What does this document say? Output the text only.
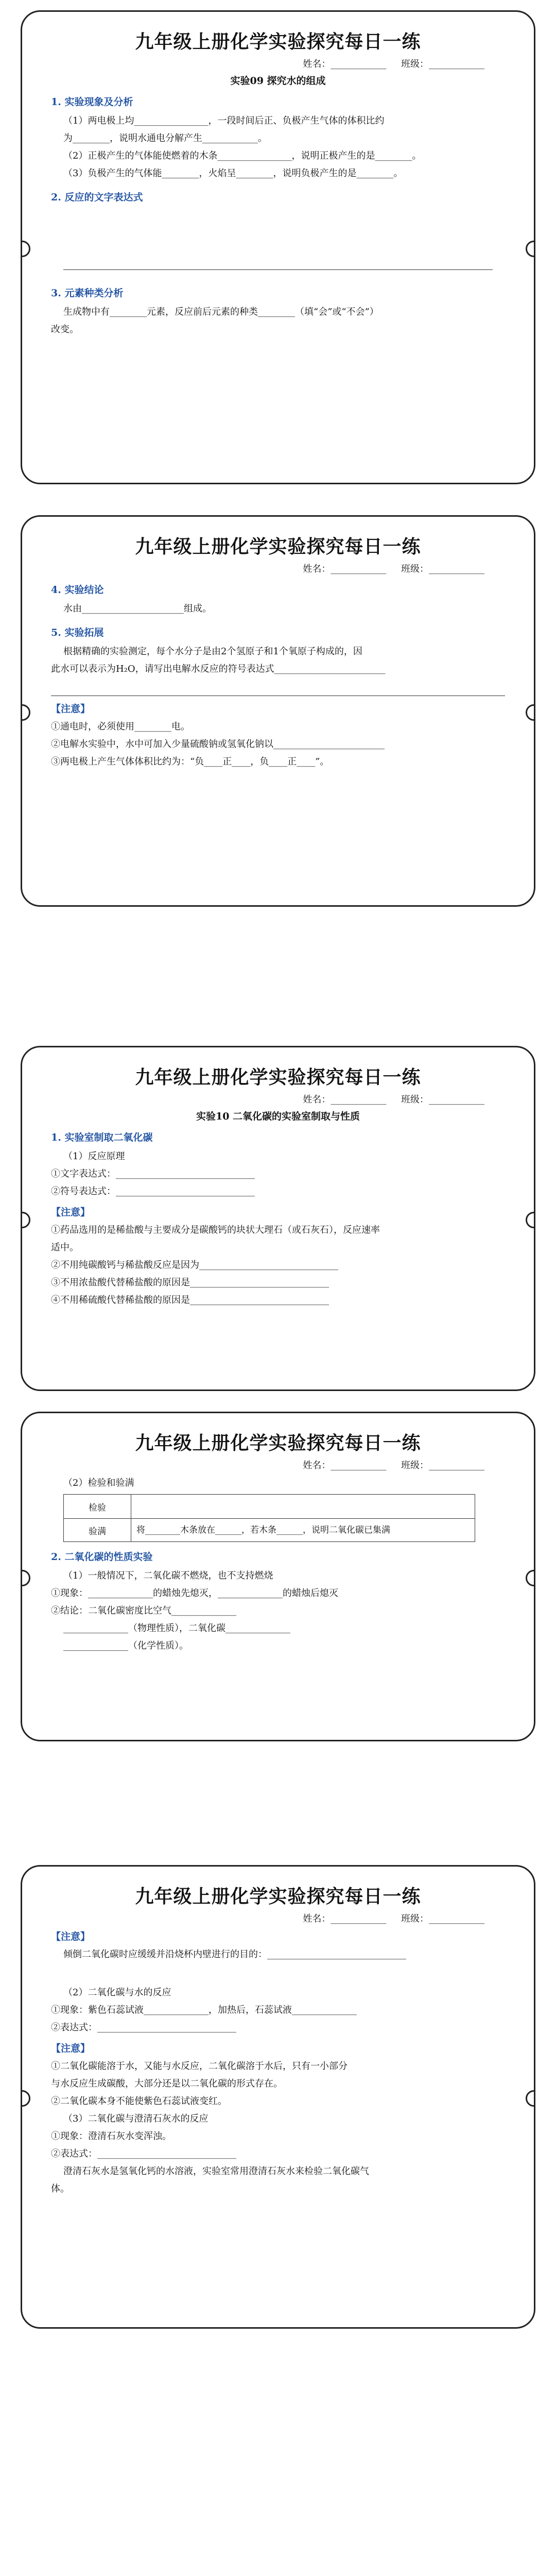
九年级上册化学实验探究每日一练
姓名：____________     班级：____________
实验09 探究水的组成
1. 实验现象及分析

（1）两电极上均________________，一段时间后正、负极产生气体的体积比约

为________，说明水通电分解产生____________。

（2）正极产生的气体能使燃着的木条________________，说明正极产生的是________。

（3）负极产生的气体能________，火焰呈________，说明负极产生的是________。

2. 反应的文字表达式
3. 元素种类分析

生成物中有________元素，反应前后元素的种类________（填“会”或“不会”）

改变。

九年级上册化学实验探究每日一练
姓名：____________     班级：____________
4. 实验结论

水由______________________组成。

5. 实验拓展

根据精确的实验测定，每个水分子是由2个氢原子和1个氧原子构成的，因

此水可以表示为H₂O，请写出电解水反应的符号表达式________________________

【注意】

①通电时，必须使用________电。

②电解水实验中，水中可加入少量硫酸钠或氢氧化钠以________________________

③两电极上产生气体体积比约为：“负____正____，负____正____”。

九年级上册化学实验探究每日一练
姓名：____________     班级：____________
实验10 二氧化碳的实验室制取与性质
1. 实验室制取二氧化碳

（1）反应原理

①文字表达式：______________________________

②符号表达式：______________________________

【注意】

①药品选用的是稀盐酸与主要成分是碳酸钙的块状大理石（或石灰石），反应速率

适中。

②不用纯碳酸钙与稀盐酸反应是因为______________________________

③不用浓盐酸代替稀盐酸的原因是______________________________

④不用稀硫酸代替稀盐酸的原因是______________________________

九年级上册化学实验探究每日一练
姓名：____________     班级：____________

（2）检验和验满

检验	
验满	将________木条放在______，若木条______，说明二氧化碳已集满
2. 二氧化碳的性质实验

（1）一般情况下，二氧化碳不燃烧，也不支持燃烧

①现象：______________的蜡烛先熄灭，______________的蜡烛后熄灭

②结论：二氧化碳密度比空气______________

______________（物理性质），二氧化碳______________

______________（化学性质）。

九年级上册化学实验探究每日一练
姓名：____________     班级：____________
【注意】

倾倒二氧化碳时应缓缓并沿烧杯内壁进行的目的：______________________________

（2）二氧化碳与水的反应

①现象：紫色石蕊试液______________，加热后，石蕊试液______________

②表达式：______________________________

【注意】

①二氧化碳能溶于水，又能与水反应，二氧化碳溶于水后，只有一小部分

与水反应生成碳酸，大部分还是以二氧化碳的形式存在。

②二氧化碳本身不能使紫色石蕊试液变红。

（3）二氧化碳与澄清石灰水的反应

①现象：澄清石灰水变浑浊。

②表达式：______________________________

澄清石灰水是氢氧化钙的水溶液，实验室常用澄清石灰水来检验二氧化碳气

体。
